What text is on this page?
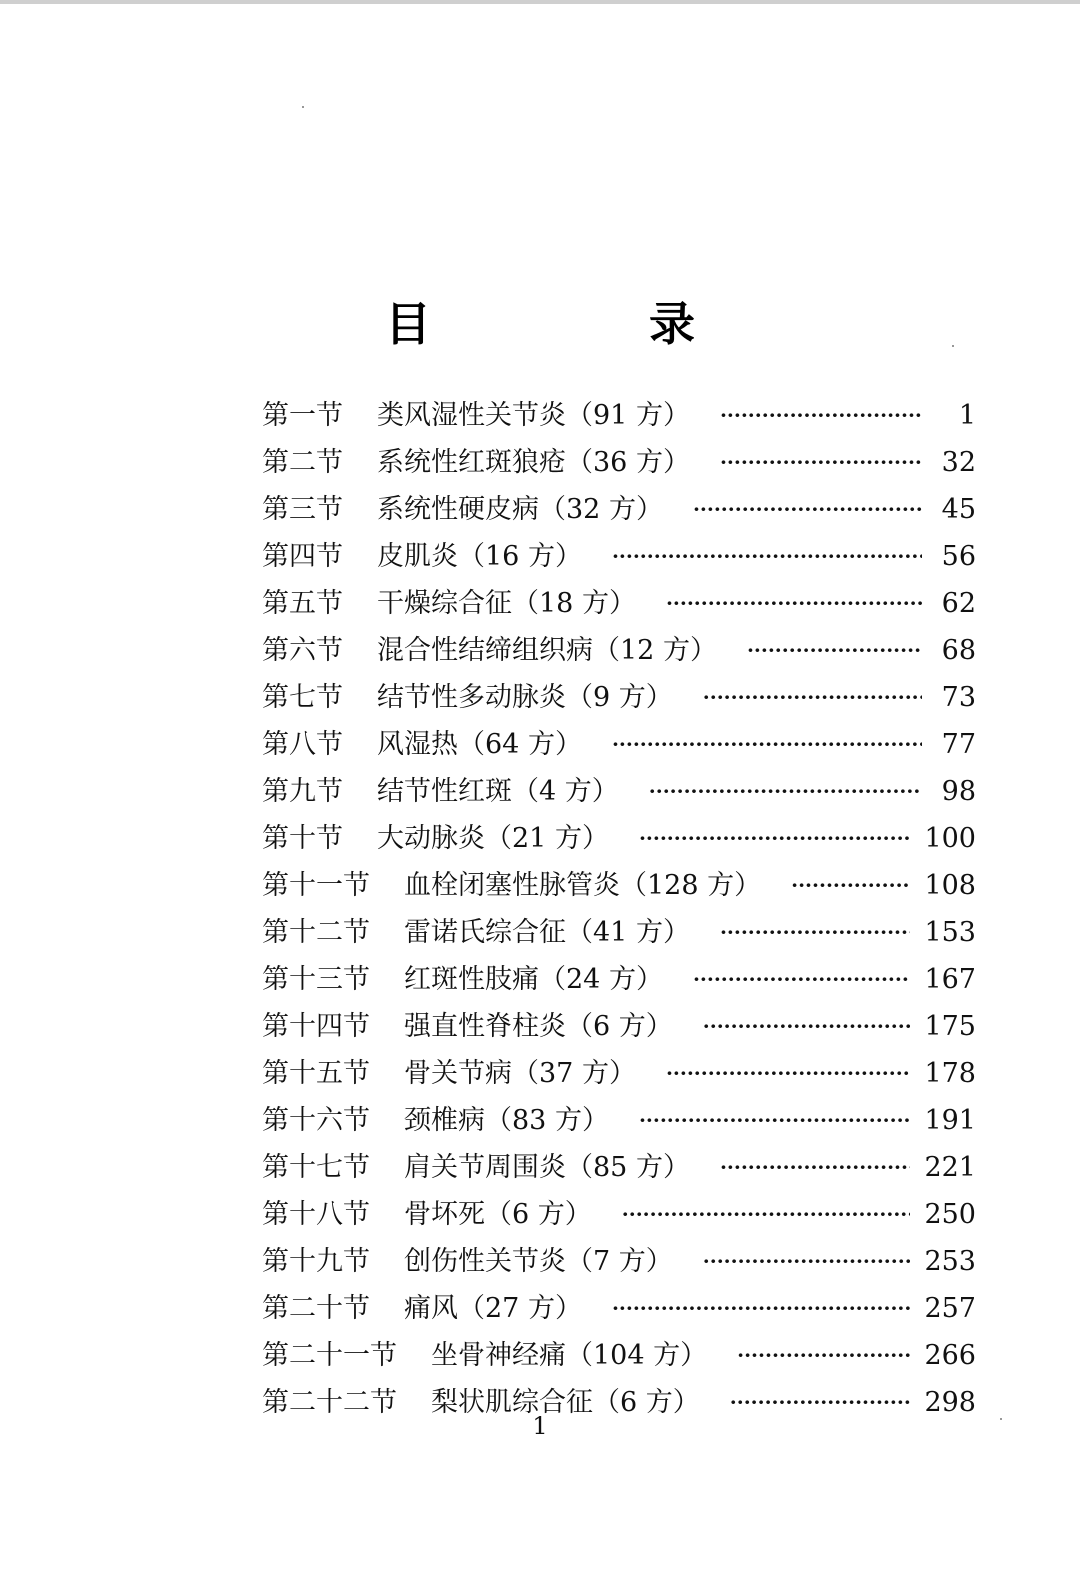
目　录
第一节 类风湿性关节炎（91 方） ·····	1
第二节 系统性红斑狼疮（36 方） ·····	32
第三节 系统性硬皮病（32 方） ·····	45
第四节 皮肌炎（16 方） ·····	56
第五节 干燥综合征（18 方） ·····	62
第六节 混合性结缔组织病（12 方） ·····	68
第七节 结节性多动脉炎（9 方） ·····	73
第八节 风湿热（64 方） ·····	77
第九节 结节性红斑（4 方） ·····	98
第十节 大动脉炎（21 方） ·····	100
第十一节 血栓闭塞性脉管炎（128 方） ·····	108
第十二节 雷诺氏综合征（41 方） ·····	153
第十三节 红斑性肢痛（24 方） ·····	167
第十四节 强直性脊柱炎（6 方） ·····	175
第十五节 骨关节病（37 方） ·····	178
第十六节 颈椎病（83 方） ·····	191
第十七节 肩关节周围炎（85 方） ·····	221
第十八节 骨坏死（6 方） ·····	250
第十九节 创伤性关节炎（7 方） ·····	253
第二十节 痛风（27 方） ·····	257
第二十一节 坐骨神经痛（104 方） ·····	266
第二十二节 梨状肌综合征（6 方） ·····	298
1
